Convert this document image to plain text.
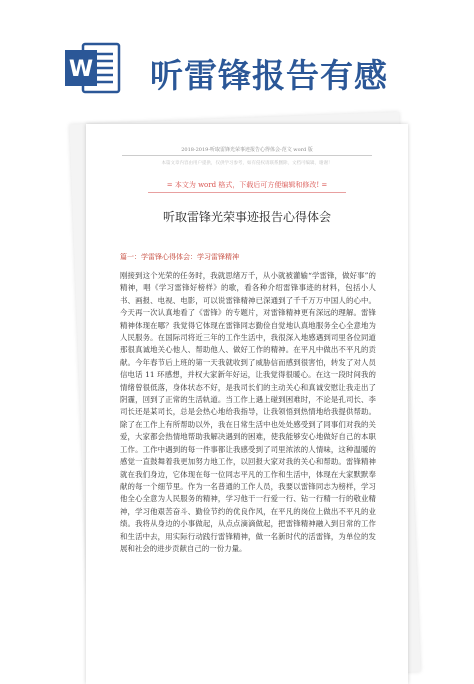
W 听雷锋报告有感
2018-2019-听取雷锋光荣事迹报告心得体会-范文 word 版
本篇文章内容由用户提供，仅供学习参考，如有侵权请联系删除，文档可编辑，谢谢！
= 本文为 word 格式，下载后可方便编辑和修改! =
听取雷锋光荣事迹报告心得体会
篇一：学雷锋心得体会：学习雷锋精神
刚接到这个光荣的任务时，我就思绪万千，从小就被灌输“学雷锋，做好事”的精神，唱《学习雷锋好榜样》的歌，看各种介绍雷锋事迹的材料，包括小人书、画报、电视、电影，可以说雷锋精神已深通到了千千万万中国人的心中。今天再一次认真地看了《雷锋》的专题片，对雷锋精神更有深远的理解。雷锋精神体现在哪？我觉得它体现在雷锋同志勤俭自觉地认真地服务全心全意地为人民服务。在国际司将近三年的工作生活中，我很深入地感遇到司里各位同道那很真诚地关心他人、帮助他人、做好工作的精神。在平凡中做出不平凡的贡献。今年春节后上班的第一天我就收到了威胁信而感到很害怕，转发了对人员信电话 11 环感想，并权大家新年好运，让我觉得很暖心。在这一段时间我的情绪曾很低落，身体状态不好，是我司长们的主动关心和真诚安慰让我走出了阴霾，回到了正常的生活轨道。当工作上遇上碰到困难时，不论是孔司长、李司长还是某司长，总是会热心地给我指导，让我领悟到热情地给我提供帮助。除了在工作上有所帮助以外，我在日常生活中也处处感受到了同事们对我的关爱，大家都会热情地帮助我解决遇到的困难，使我能够安心地做好自己的本职工作。工作中遇到的每一件事都让我感受到了司里浓浓的人情味，这种温暖的感觉一直鼓舞着我更加努力地工作，以回报大家对我的关心和帮助。雷锋精神就在我们身边，它体现在每一位同志平凡的工作和生活中，体现在大家默默奉献的每一个细节里。作为一名普通的工作人员，我要以雷锋同志为榜样，学习他全心全意为人民服务的精神，学习他干一行爱一行、钻一行精一行的敬业精神，学习他艰苦奋斗、勤俭节约的优良作风，在平凡的岗位上做出不平凡的业绩。我将从身边的小事做起，从点点滴滴做起，把雷锋精神融入到日常的工作和生活中去，用实际行动践行雷锋精神，做一名新时代的活雷锋，为单位的发展和社会的进步贡献自己的一份力量。
